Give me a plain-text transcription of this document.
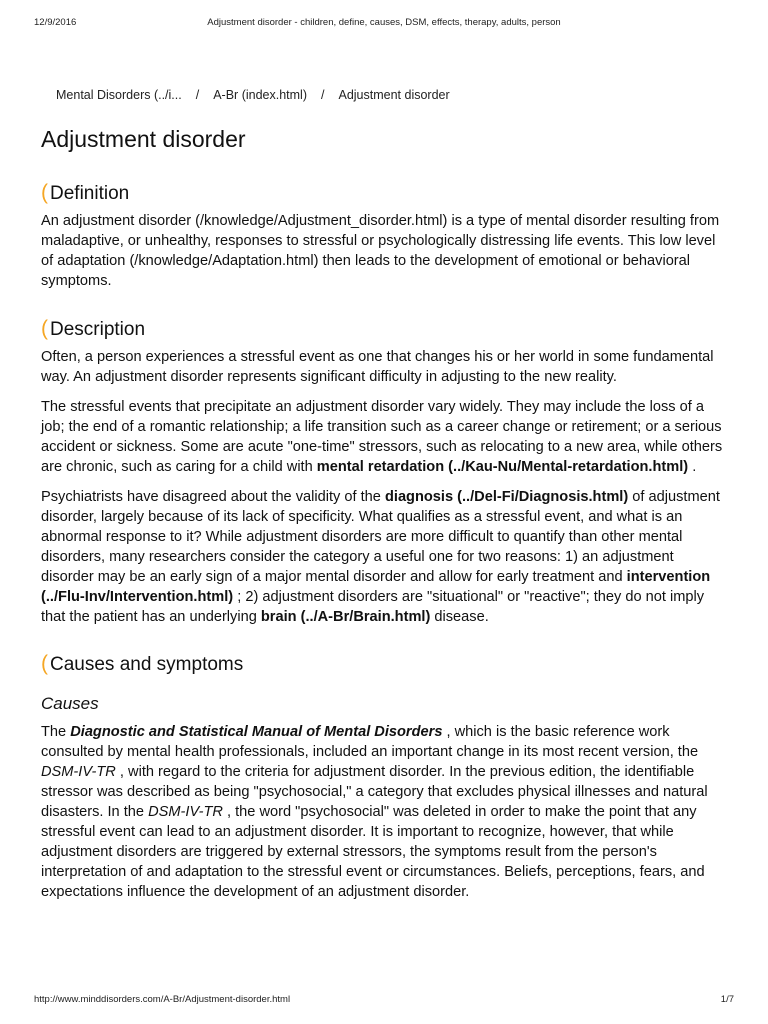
12/9/2016	Adjustment disorder - children, define, causes, DSM, effects, therapy, adults, person
Mental Disorders (../i... / A-Br (index.html) / Adjustment disorder
Adjustment disorder
( Definition

An adjustment disorder (/knowledge/Adjustment_disorder.html) is a type of mental disorder resulting from maladaptive, or unhealthy, responses to stressful or psychologically distressing life events. This low level of adaptation (/knowledge/Adaptation.html) then leads to the development of emotional or behavioral symptoms.

( Description

Often, a person experiences a stressful event as one that changes his or her world in some fundamental way. An adjustment disorder represents significant difficulty in adjusting to the new reality.

The stressful events that precipitate an adjustment disorder vary widely. They may include the loss of a job; the end of a romantic relationship; a life transition such as a career change or retirement; or a serious accident or sickness. Some are acute "one-time" stressors, such as relocating to a new area, while others are chronic, such as caring for a child with mental retardation (../Kau-Nu/Mental-retardation.html) .

Psychiatrists have disagreed about the validity of the diagnosis (../Del-Fi/Diagnosis.html) of adjustment disorder, largely because of its lack of specificity. What qualifies as a stressful event, and what is an abnormal response to it? While adjustment disorders are more difficult to quantify than other mental disorders, many researchers consider the category a useful one for two reasons: 1) an adjustment disorder may be an early sign of a major mental disorder and allow for early treatment and intervention (../Flu-Inv/Intervention.html) ; 2) adjustment disorders are "situational" or "reactive"; they do not imply that the patient has an underlying brain (../A-Br/Brain.html) disease.

( Causes and symptoms
Causes

The Diagnostic and Statistical Manual of Mental Disorders , which is the basic reference work consulted by mental health professionals, included an important change in its most recent version, the DSM-IV-TR , with regard to the criteria for adjustment disorder. In the previous edition, the identifiable stressor was described as being "psychosocial," a category that excludes physical illnesses and natural disasters. In the DSM-IV-TR , the word "psychosocial" was deleted in order to make the point that any stressful event can lead to an adjustment disorder. It is important to recognize, however, that while adjustment disorders are triggered by external stressors, the symptoms result from the person's interpretation of and adaptation to the stressful event or circumstances. Beliefs, perceptions, fears, and expectations influence the development of an adjustment disorder.

http://www.minddisorders.com/A-Br/Adjustment-disorder.html	1/7
